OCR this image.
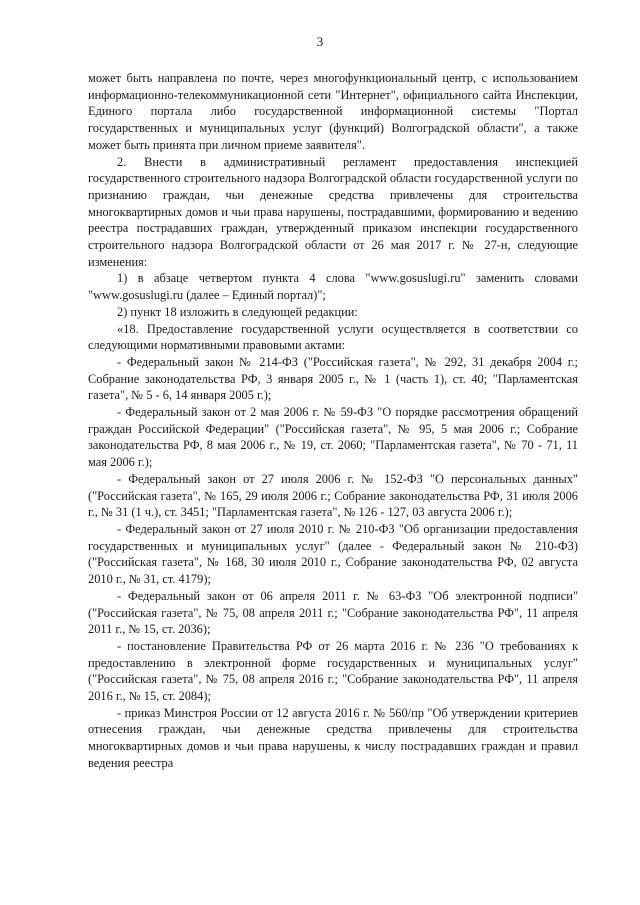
3

может быть направлена по почте, через многофункциональный центр, с использованием информационно-телекоммуникационной сети "Интернет", официального сайта Инспекции, Единого портала либо государственной информационной системы "Портал государственных и муниципальных услуг (функций) Волгоградской области", а также может быть принята при личном приеме заявителя".

2. Внести в административный регламент предоставления инспекцией государственного строительного надзора Волгоградской области государственной услуги по признанию граждан, чьи денежные средства привлечены для строительства многоквартирных домов и чьи права нарушены, пострадавшими, формированию и ведению реестра пострадавших граждан, утвержденный приказом инспекции государственного строительного надзора Волгоградской области от 26 мая 2017 г. № 27-н, следующие изменения:

1) в абзаце четвертом пункта 4 слова "www.gosuslugi.ru" заменить словами "www.gosuslugi.ru (далее – Единый портал)";

2) пункт 18 изложить в следующей редакции:

«18. Предоставление государственной услуги осуществляется в соответствии со следующими нормативными правовыми актами:

- Федеральный закон № 214-ФЗ ("Российская газета", № 292, 31 декабря 2004 г.; Собрание законодательства РФ, 3 января 2005 г., № 1 (часть 1), ст. 40; "Парламентская газета", № 5 - 6, 14 января 2005 г.);

- Федеральный закон от 2 мая 2006 г. № 59-ФЗ "О порядке рассмотрения обращений граждан Российской Федерации" ("Российская газета", № 95, 5 мая 2006 г.; Собрание законодательства РФ, 8 мая 2006 г., № 19, ст. 2060; "Парламентская газета", № 70 - 71, 11 мая 2006 г.);

- Федеральный закон от 27 июля 2006 г. № 152-ФЗ "О персональных данных" ("Российская газета", № 165, 29 июля 2006 г.; Собрание законодательства РФ, 31 июля 2006 г., № 31 (1 ч.), ст. 3451; "Парламентская газета", № 126 - 127, 03 августа 2006 г.);

- Федеральный закон от 27 июля 2010 г. № 210-ФЗ "Об организации предоставления государственных и муниципальных услуг" (далее - Федеральный закон № 210-ФЗ) ("Российская газета", № 168, 30 июля 2010 г., Собрание законодательства РФ, 02 августа 2010 г., № 31, ст. 4179);

- Федеральный закон от 06 апреля 2011 г. № 63-ФЗ "Об электронной подписи" ("Российская газета", № 75, 08 апреля 2011 г.; "Собрание законодательства РФ", 11 апреля 2011 г., № 15, ст. 2036);

- постановление Правительства РФ от 26 марта 2016 г. № 236 "О требованиях к предоставлению в электронной форме государственных и муниципальных услуг" ("Российская газета", № 75, 08 апреля 2016 г.; "Собрание законодательства РФ", 11 апреля 2016 г., № 15, ст. 2084);

- приказ Минстроя России от 12 августа 2016 г. № 560/пр "Об утверждении критериев отнесения граждан, чьи денежные средства привлечены для строительства многоквартирных домов и чьи права нарушены, к числу пострадавших граждан и правил ведения реестра
